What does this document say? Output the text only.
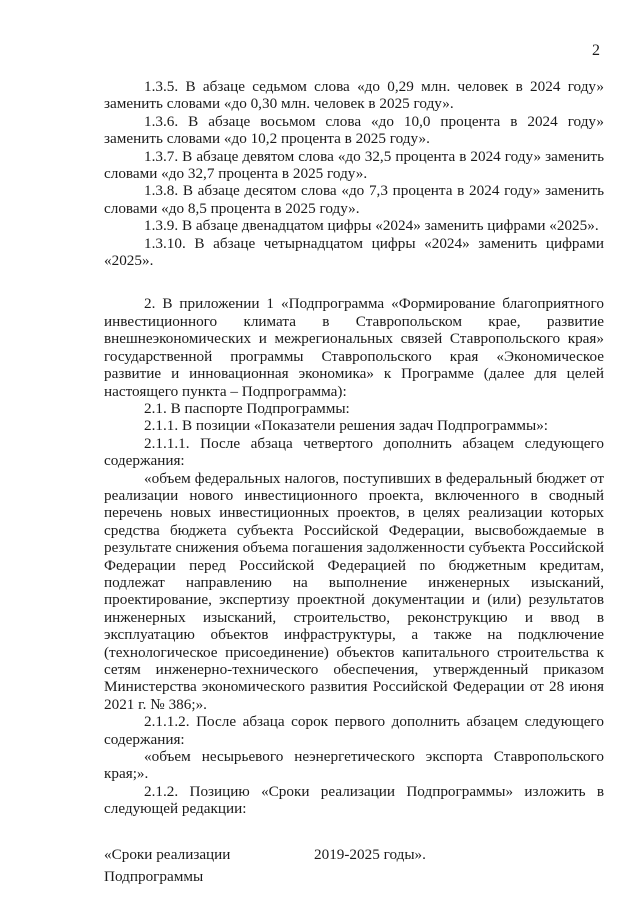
2

1.3.5. В абзаце седьмом слова «до 0,29 млн. человек в 2024 году» заменить словами «до 0,30 млн. человек в 2025 году».

1.3.6. В абзаце восьмом слова «до 10,0 процента в 2024 году» заменить словами «до 10,2 процента в 2025 году».

1.3.7. В абзаце девятом слова «до 32,5 процента в 2024 году» заменить словами «до 32,7 процента в 2025 году».

1.3.8. В абзаце десятом слова «до 7,3 процента в 2024 году» заменить словами «до 8,5 процента в 2025 году».

1.3.9. В абзаце двенадцатом цифры «2024» заменить цифрами «2025».

1.3.10. В абзаце четырнадцатом цифры «2024» заменить цифрами «2025».

2. В приложении 1 «Подпрограмма «Формирование благоприятного инвестиционного климата в Ставропольском крае, развитие внешнеэкономических и межрегиональных связей Ставропольского края» государственной программы Ставропольского края «Экономическое развитие и инновационная экономика» к Программе (далее для целей настоящего пункта – Подпрограмма):

2.1. В паспорте Подпрограммы:

2.1.1. В позиции «Показатели решения задач Подпрограммы»:

2.1.1.1. После абзаца четвертого дополнить абзацем следующего содержания:

«объем федеральных налогов, поступивших в федеральный бюджет от реализации нового инвестиционного проекта, включенного в сводный перечень новых инвестиционных проектов, в целях реализации которых средства бюджета субъекта Российской Федерации, высвобождаемые в результате снижения объема погашения задолженности субъекта Российской Федерации перед Российской Федерацией по бюджетным кредитам, подлежат направлению на выполнение инженерных изысканий, проектирование, экспертизу проектной документации и (или) результатов инженерных изысканий, строительство, реконструкцию и ввод в эксплуатацию объектов инфраструктуры, а также на подключение (технологическое присоединение) объектов капитального строительства к сетям инженерно-технического обеспечения, утвержденный приказом Министерства экономического развития Российской Федерации от 28 июня 2021 г. № 386;».

2.1.1.2. После абзаца сорок первого дополнить абзацем следующего содержания:

«объем несырьевого неэнергетического экспорта Ставропольского края;».

2.1.2. Позицию «Сроки реализации Подпрограммы» изложить в следующей редакции:

«Сроки реализации
Подпрограммы
2019-2025 годы».
